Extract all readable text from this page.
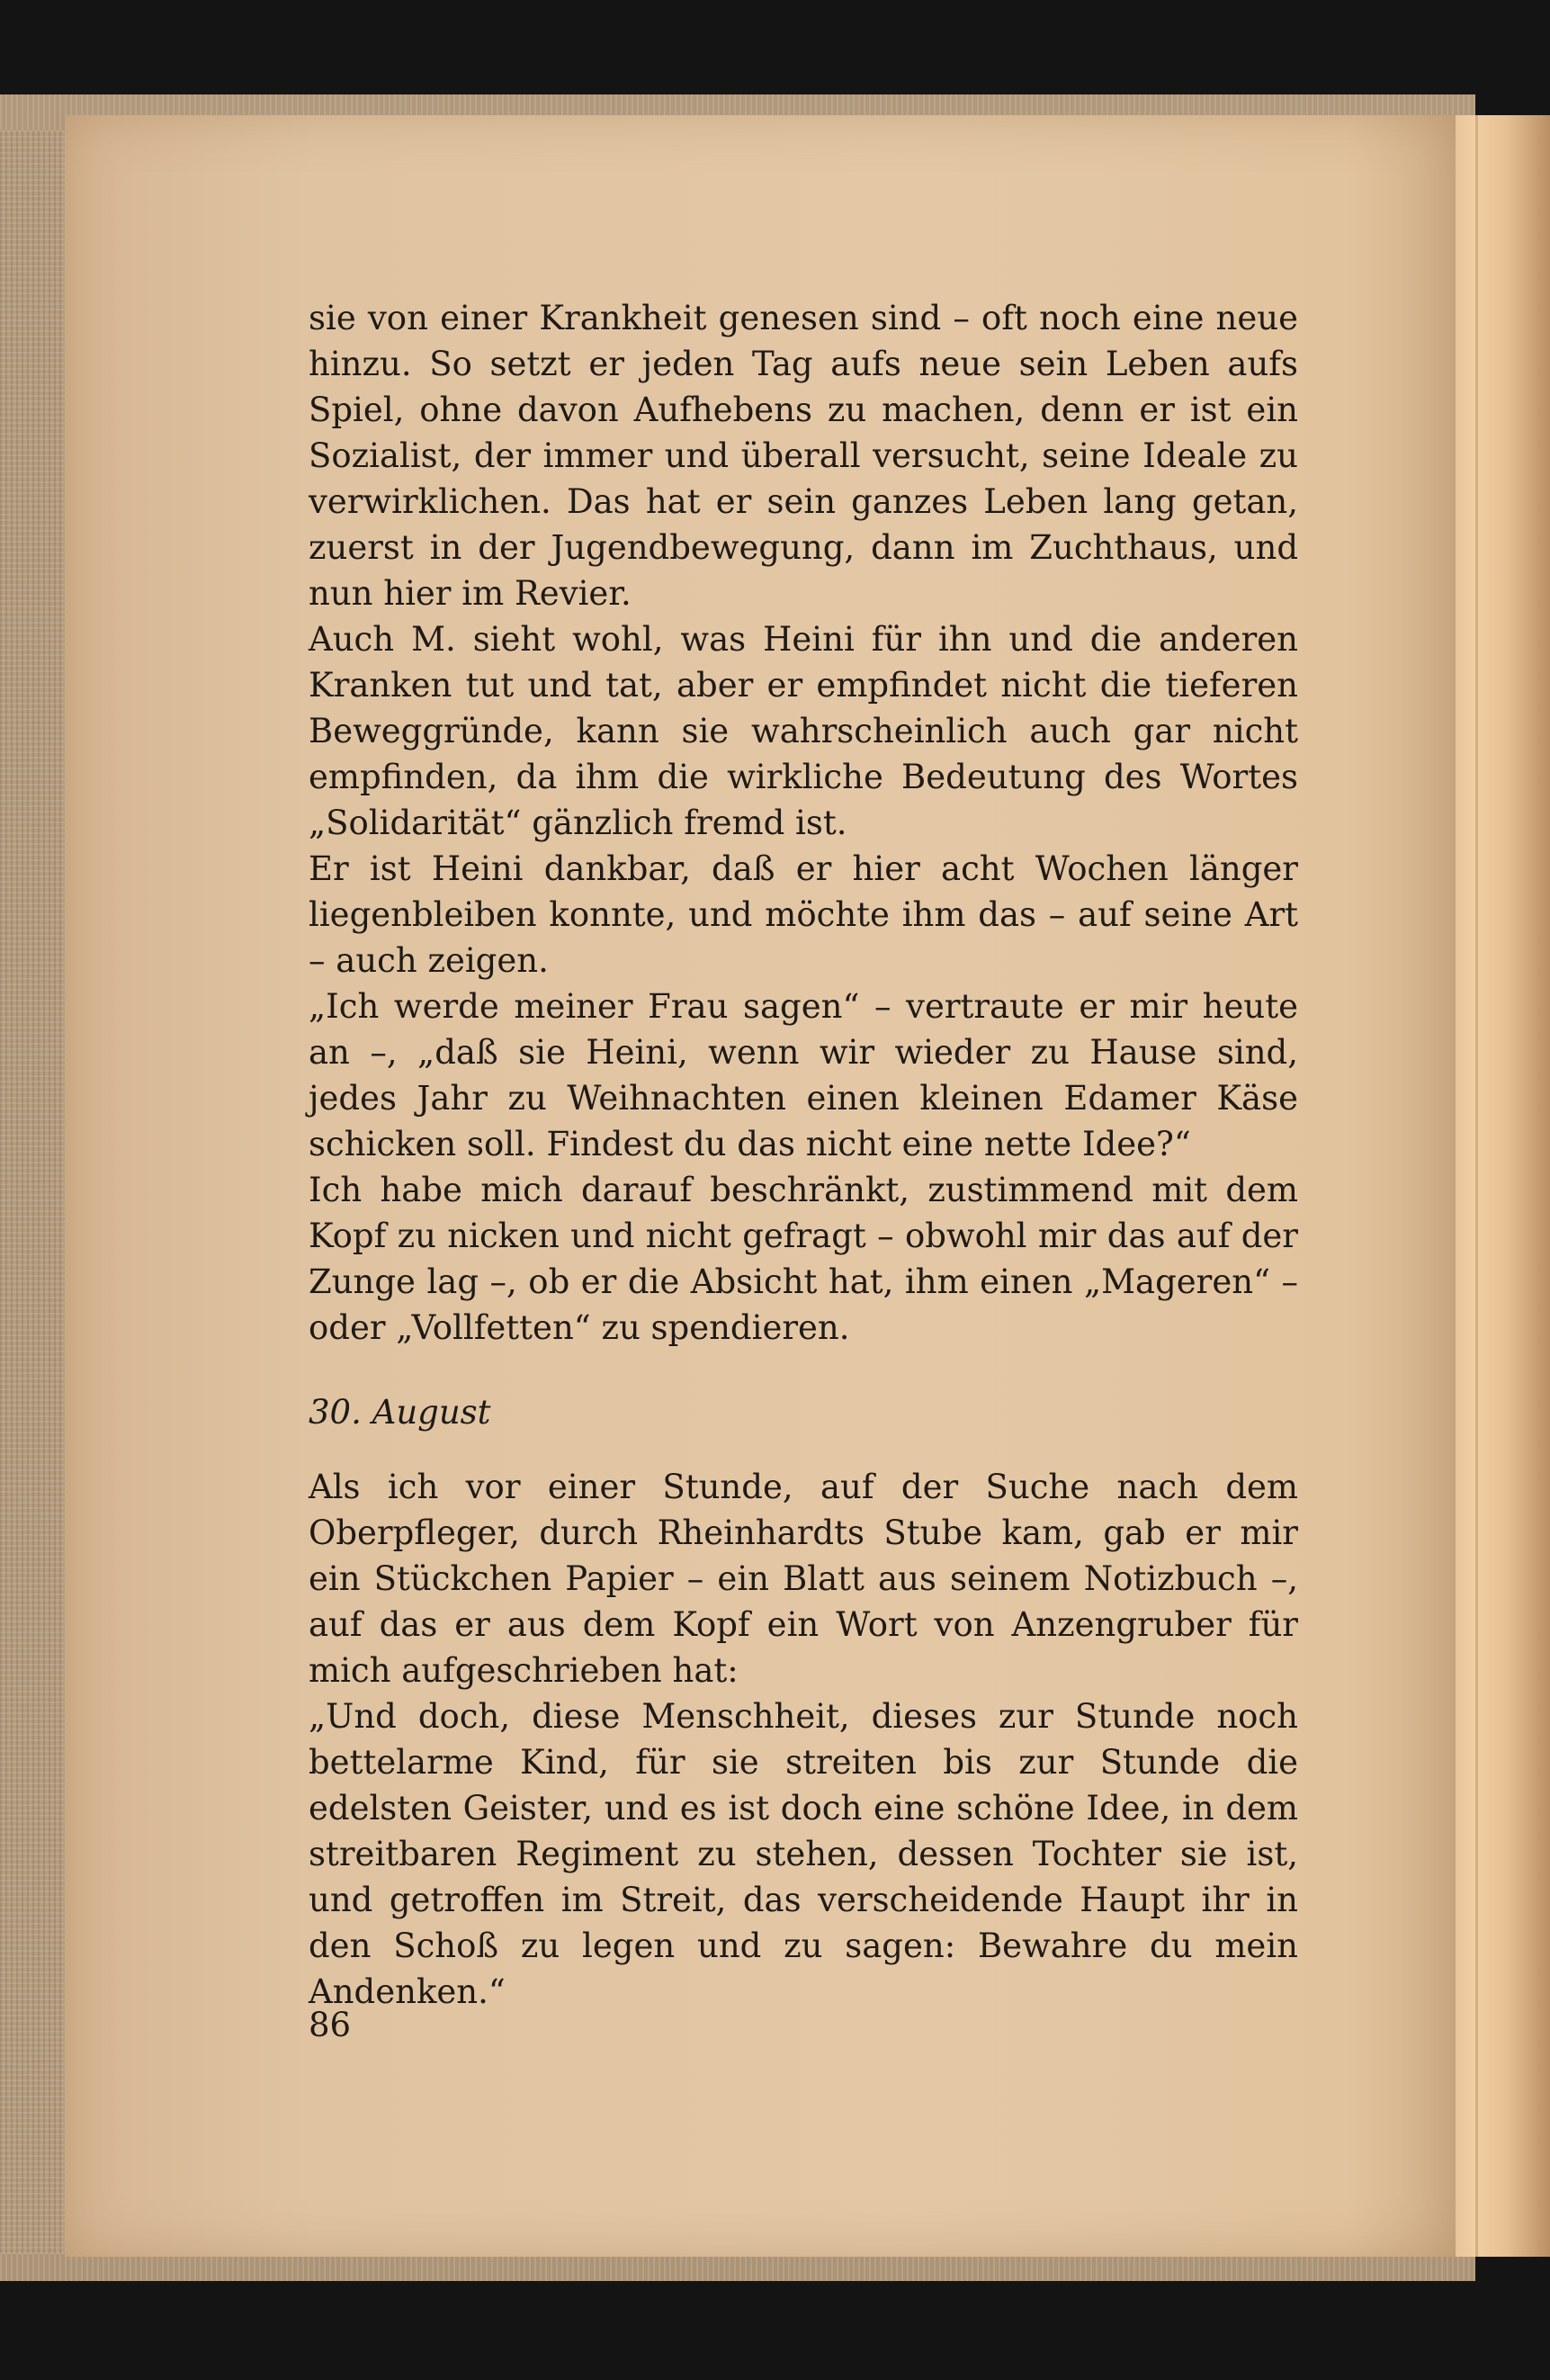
sie von einer Krankheit genesen sind – oft noch eine neue hinzu. So setzt er jeden Tag aufs neue sein Leben aufs Spiel, ohne davon Aufhebens zu machen, denn er ist ein Sozialist, der immer und überall versucht, seine Ideale zu verwirklichen. Das hat er sein ganzes Leben lang getan, zuerst in der Jugendbewegung, dann im Zuchthaus, und nun hier im Revier.

Auch M. sieht wohl, was Heini für ihn und die anderen Kranken tut und tat, aber er empfindet nicht die tieferen Beweggründe, kann sie wahrscheinlich auch gar nicht empfinden, da ihm die wirkliche Bedeutung des Wortes „Solidarität“ gänzlich fremd ist.

Er ist Heini dankbar, daß er hier acht Wochen länger liegenbleiben konnte, und möchte ihm das – auf seine Art – auch zeigen.

„Ich werde meiner Frau sagen“ – vertraute er mir heute an –, „daß sie Heini, wenn wir wieder zu Hause sind, jedes Jahr zu Weihnachten einen kleinen Edamer Käse schicken soll. Findest du das nicht eine nette Idee?“

Ich habe mich darauf beschränkt, zustimmend mit dem Kopf zu nicken und nicht gefragt – obwohl mir das auf der Zunge lag –, ob er die Absicht hat, ihm einen „Mageren“ – oder „Vollfetten“ zu spendieren.

30. August

Als ich vor einer Stunde, auf der Suche nach dem Oberpfleger, durch Rheinhardts Stube kam, gab er mir ein Stückchen Papier – ein Blatt aus seinem Notizbuch –, auf das er aus dem Kopf ein Wort von Anzengruber für mich aufgeschrieben hat:

„Und doch, diese Menschheit, dieses zur Stunde noch bettelarme Kind, für sie streiten bis zur Stunde die edelsten Geister, und es ist doch eine schöne Idee, in dem streitbaren Regiment zu stehen, dessen Tochter sie ist, und getroffen im Streit, das verscheidende Haupt ihr in den Schoß zu legen und zu sagen: Bewahre du mein Andenken.“

86
